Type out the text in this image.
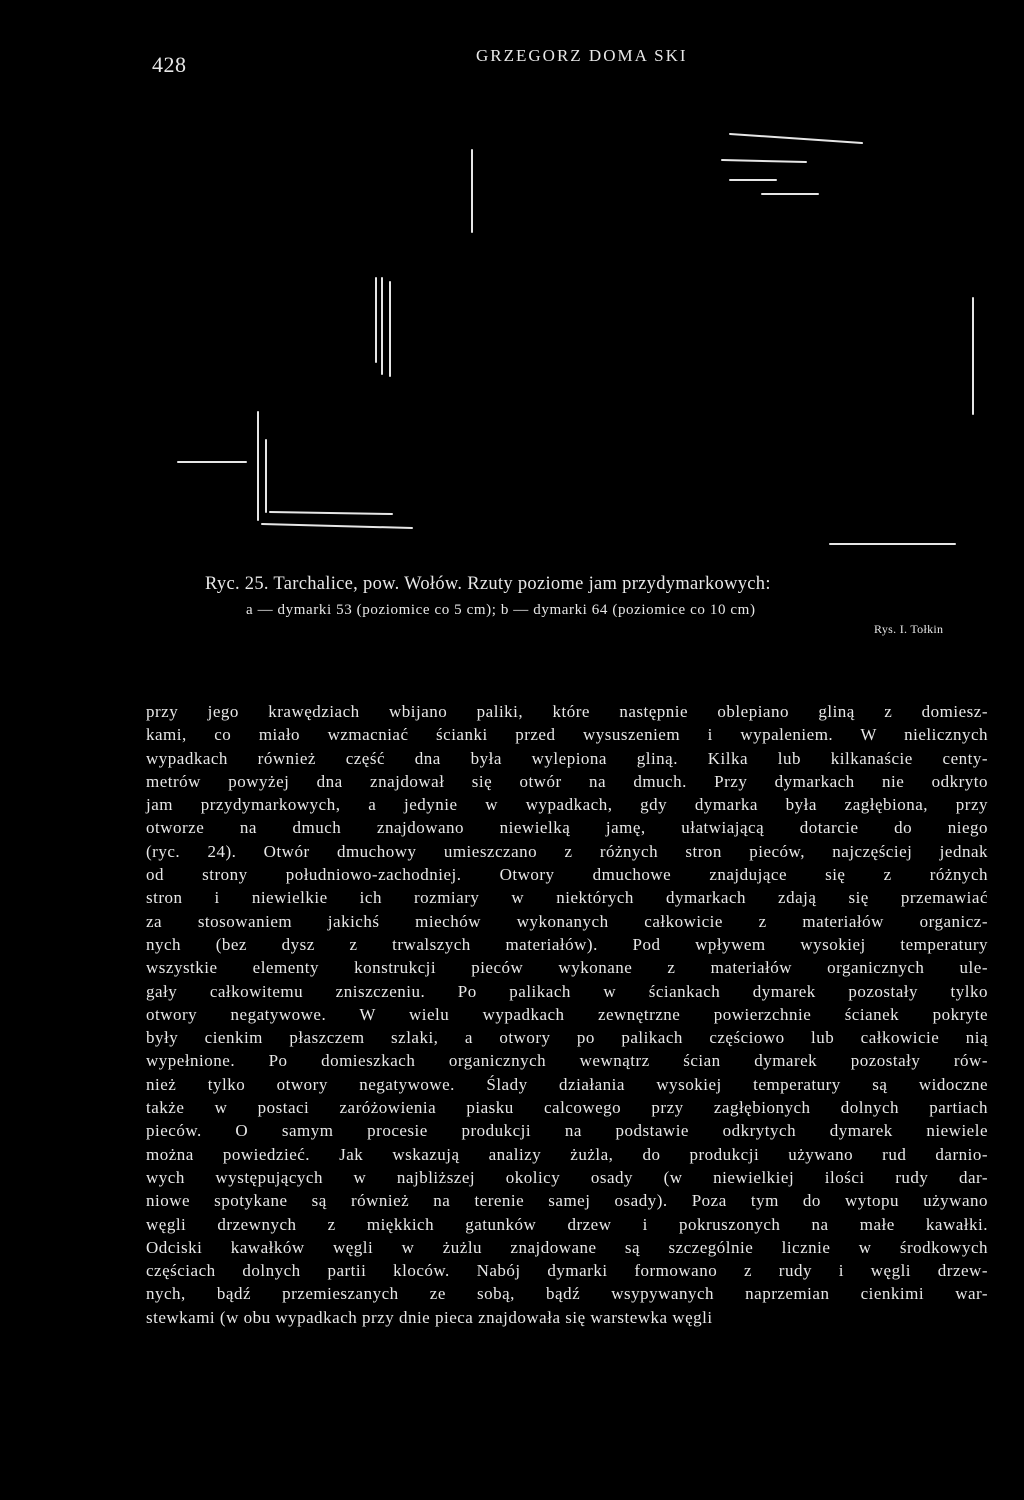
428	GRZEGORZ DOMA SKI
Ryc. 25. Tarchalice, pow. Wołów. Rzuty poziome jam przydymarkowych:
a — dymarki 53 (poziomice co 5 cm); b — dymarki 64 (poziomice co 10 cm)
Rys. I. Tołkin
przy jego krawędziach wbijano paliki, które następnie oblepiano gliną z domiesz-
kami, co miało wzmacniać ścianki przed wysuszeniem i wypaleniem. W nielicznych
wypadkach również część dna była wylepiona gliną. Kilka lub kilkanaście centy-
metrów powyżej dna znajdował się otwór na dmuch. Przy dymarkach nie odkryto
jam przydymarkowych, a jedynie w wypadkach, gdy dymarka była zagłębiona, przy
otworze na dmuch znajdowano niewielką jamę, ułatwiającą dotarcie do niego
(ryc. 24). Otwór dmuchowy umieszczano z różnych stron pieców, najczęściej jednak
od strony południowo-zachodniej. Otwory dmuchowe znajdujące się z różnych
stron i niewielkie ich rozmiary w niektórych dymarkach zdają się przemawiać
za stosowaniem jakichś miechów wykonanych całkowicie z materiałów organicz-
nych (bez dysz z trwalszych materiałów). Pod wpływem wysokiej temperatury
wszystkie elementy konstrukcji pieców wykonane z materiałów organicznych ule-
gały całkowitemu zniszczeniu. Po palikach w ściankach dymarek pozostały tylko
otwory negatywowe. W wielu wypadkach zewnętrzne powierzchnie ścianek pokryte
były cienkim płaszczem szlaki, a otwory po palikach częściowo lub całkowicie nią
wypełnione. Po domieszkach organicznych wewnątrz ścian dymarek pozostały rów-
nież tylko otwory negatywowe. Ślady działania wysokiej temperatury są widoczne
także w postaci zaróżowienia piasku calcowego przy zagłębionych dolnych partiach
pieców. O samym procesie produkcji na podstawie odkrytych dymarek niewiele
można powiedzieć. Jak wskazują analizy żużla, do produkcji używano rud darnio-
wych występujących w najbliższej okolicy osady (w niewielkiej ilości rudy dar-
niowe spotykane są również na terenie samej osady). Poza tym do wytopu używano
węgli drzewnych z miękkich gatunków drzew i pokruszonych na małe kawałki.
Odciski kawałków węgli w żużlu znajdowane są szczególnie licznie w środkowych
częściach dolnych partii kloców. Nabój dymarki formowano z rudy i węgli drzew-
nych, bądź przemieszanych ze sobą, bądź wsypywanych naprzemian cienkimi war-
stewkami (w obu wypadkach przy dnie pieca znajdowała się warstewka węgli
